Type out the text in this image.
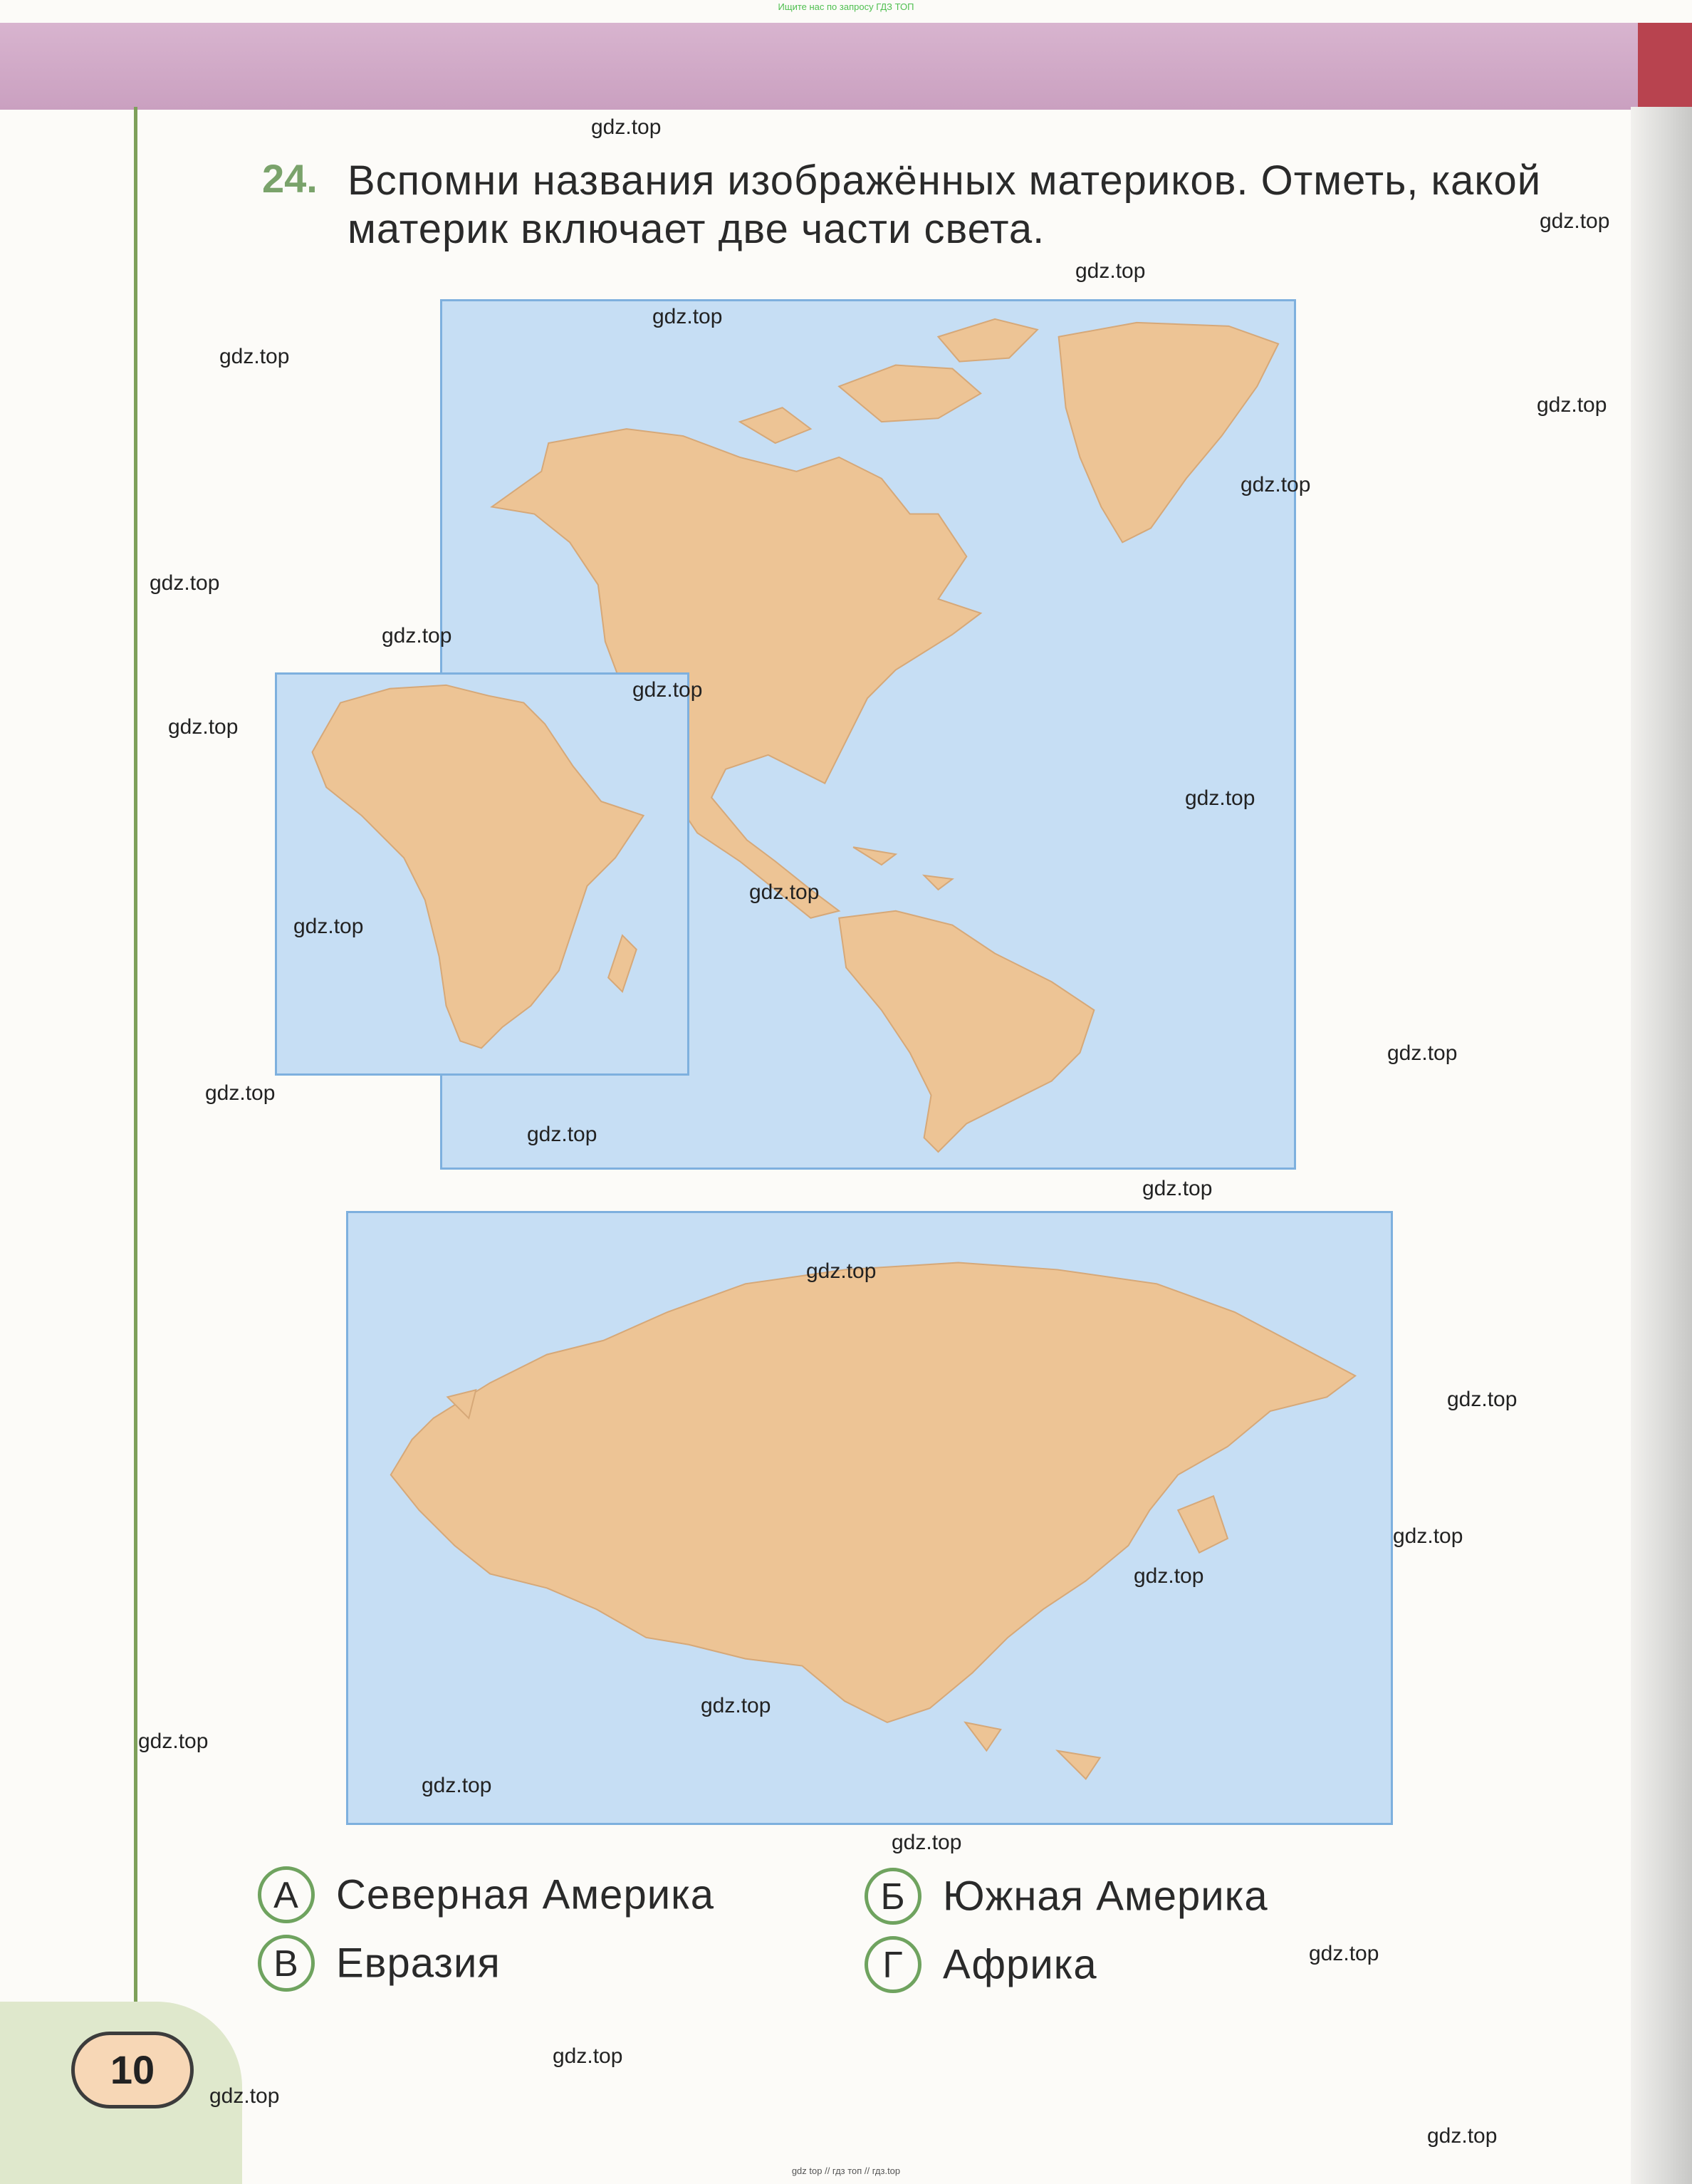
Ищите нас по запросу ГДЗ ТОП
gdz top // гдз топ // гдз.top
10
24. Вспомни названия изображённых материков. Отметь, какой материк включает две части света.
А Северная Америка	Б Южная Америка
В Евразия	Г Африка
gdz.top
gdz.top
gdz.top
gdz.top
gdz.top
gdz.top
gdz.top
gdz.top
gdz.top
gdz.top
gdz.top
gdz.top
gdz.top
gdz.top
gdz.top
gdz.top
gdz.top
gdz.top
gdz.top
gdz.top
gdz.top
gdz.top
gdz.top
gdz.top
gdz.top
gdz.top
gdz.top
gdz.top
gdz.top
gdz.top
